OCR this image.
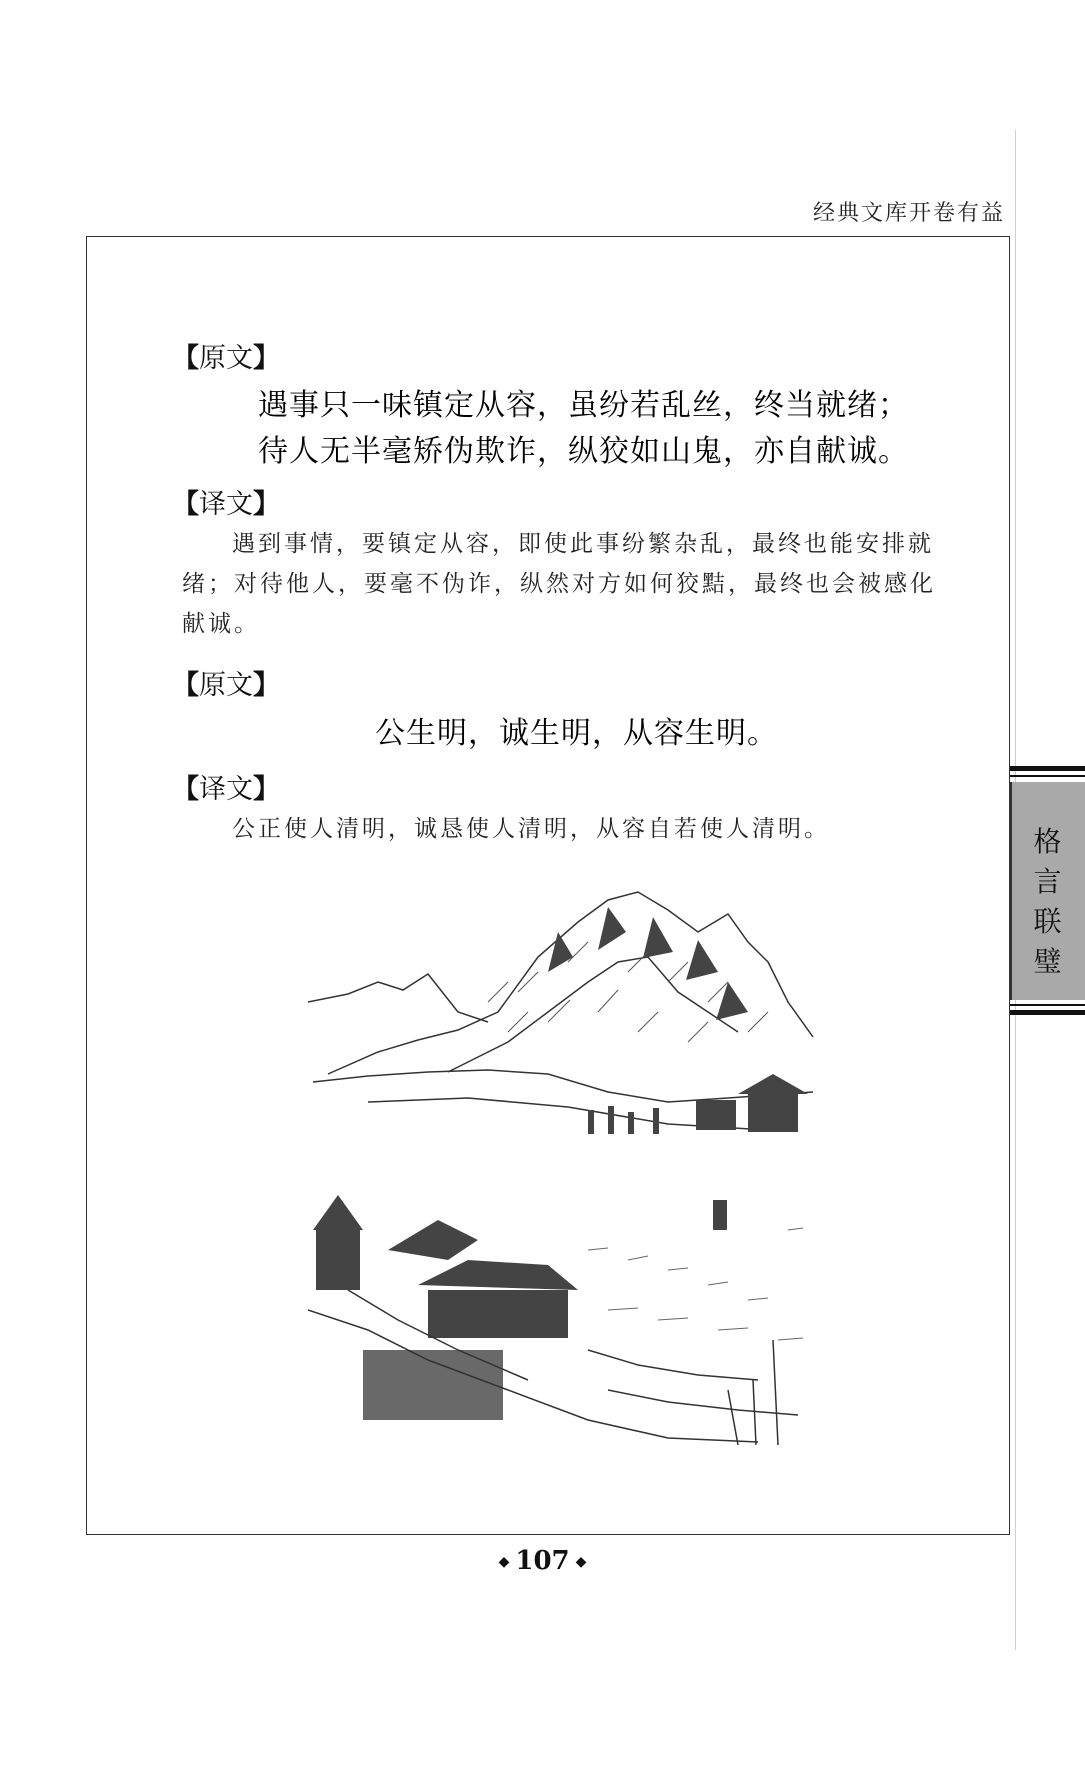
经典文库开卷有益
【原文】
遇事只一味镇定从容，虽纷若乱丝，终当就绪；
待人无半毫矫伪欺诈，纵狡如山鬼，亦自献诚。
【译文】
遇到事情，要镇定从容，即使此事纷繁杂乱，最终也能安排就
绪；对待他人，要毫不伪诈，纵然对方如何狡黠，最终也会被感化
献诚。
【原文】
公生明，诚生明，从容生明。
【译文】
公正使人清明，诚恳使人清明，从容自若使人清明。	格
言
联
璧
◆ 107 ◆
